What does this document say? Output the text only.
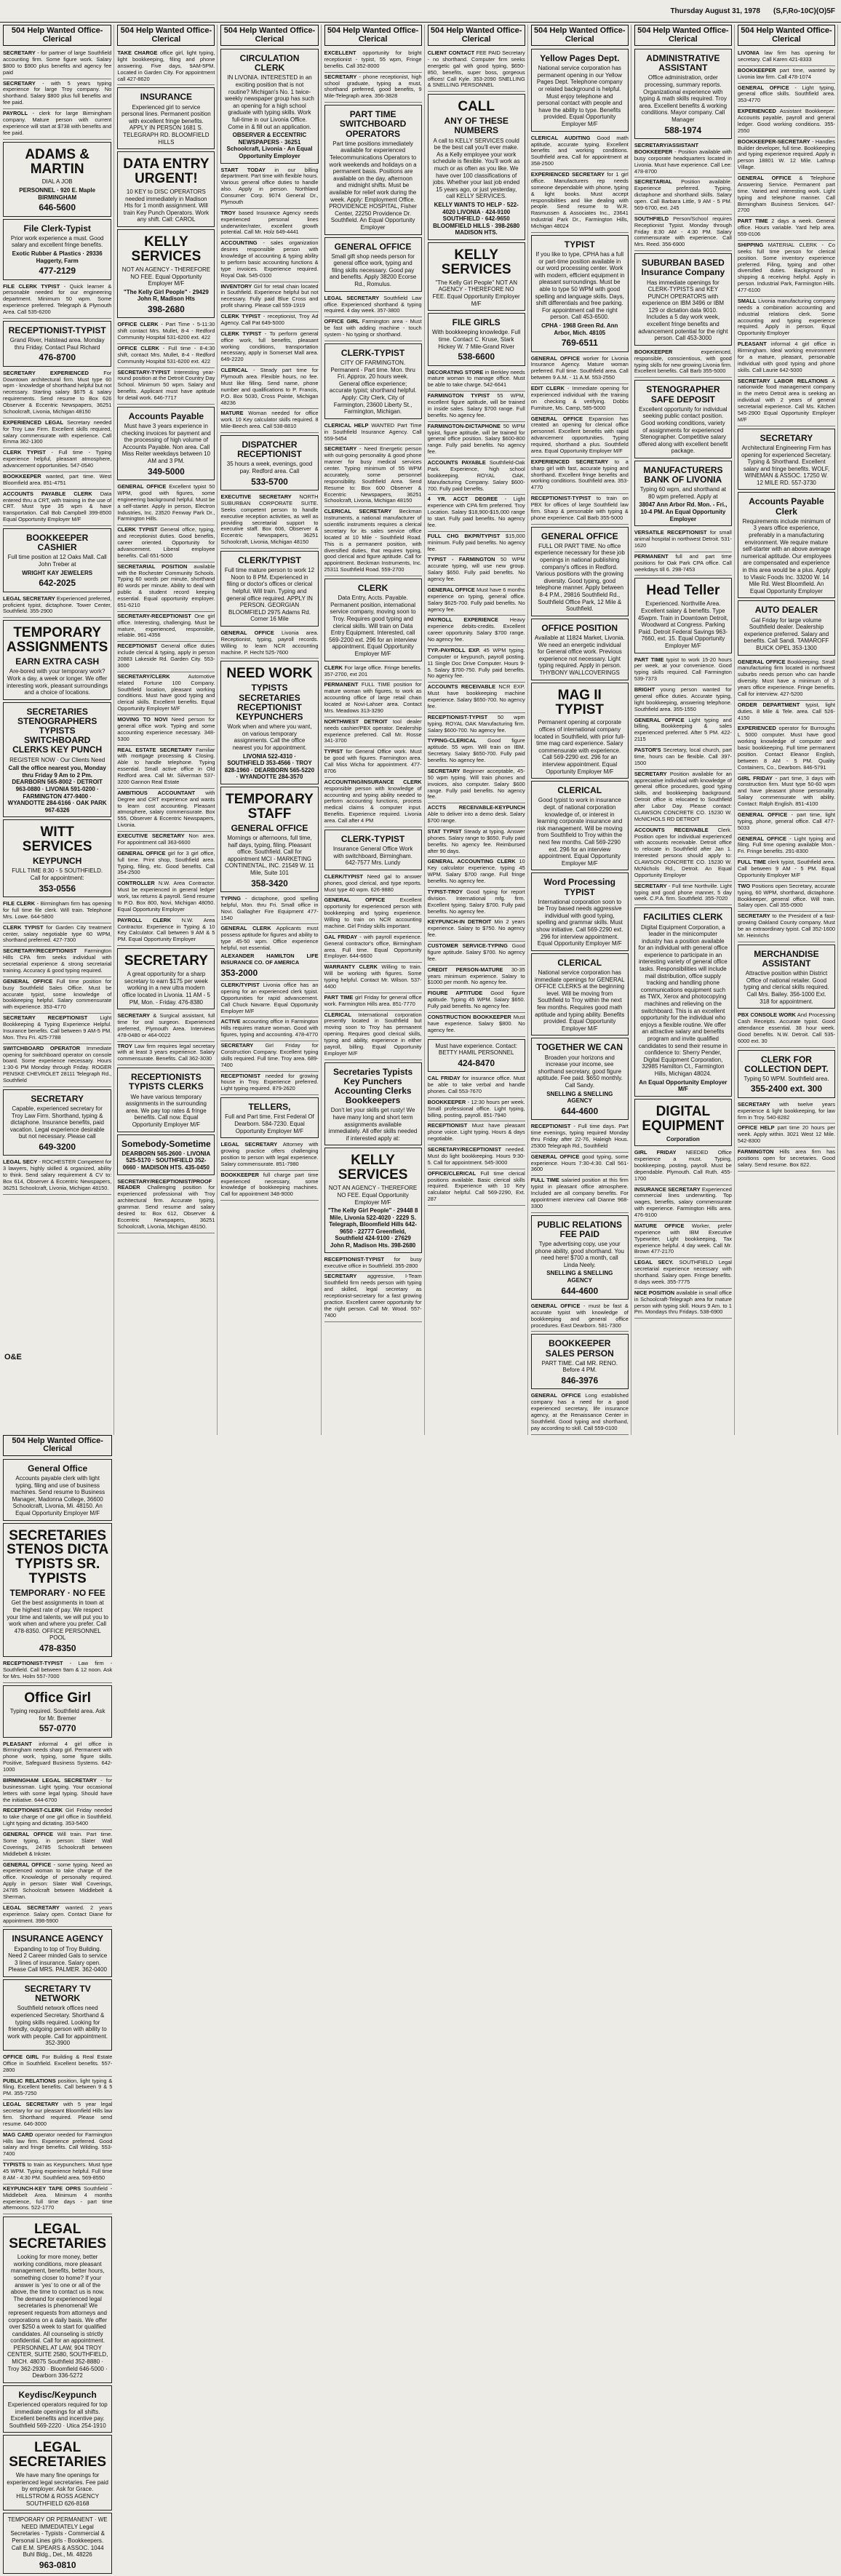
Thursday August 31, 1978 (S,F,Ro-10C)(O)5F
504 Help Wanted Office-Clerical
SECRETARY - for partner of large Southfield accounting firm. Some figure work. Salary $800 to $900 plus benefits and agency fee paid
SECRETARY - with 5 years typing experience for large Troy company. No shorthand. Salary $800 plus full benefits and fee paid.
PAYROLL - clerk for large Birmingham company. Mature person with current experience will start at $738 with benefits and fee paid.
ADAMS & MARTIN
DIAL A JOB
PERSONNEL · 920 E. Maple BIRMINGHAM
646-5600
File Clerk-Typist
Prior work experience a must. Good salary and excellent fringe benefits.
Exotic Rubber & Plastics · 29336 Haggerty, Farm
477-2129
FILE CLERK TYPIST - Quick learner & personable needed for our engineering department. Minimum 50 wpm. Some experience preferred. Telegraph & Plymouth Area. Call 535-6200
RECEPTIONIST-TYPIST
Grand River, Halstead area. Monday thru Friday. Contact Paul Richard
476-8700
SECRETARY EXPERIENCED	For Downtown architectural firm. Must type 60 wpm - knowledge of shorthand helpful but not necessary. Starting salary $675 & salary requirements. Send resume to Box 626 Observer & Eccentric Newspapers, 36251 Schoolcraft, Livonia, Michigan 48150
EXPERIENCED LEGAL Secretary needed for Troy Law Firm. Excellent skills required, salary commensurate with experience. Call Emma 362-1300
CLERK TYPIST - Full time - Typing experience helpful, pleasant atmosphere, advancement opportunities. 547-0540
BOOKKEEPER wanted, part time. West Bloomfield area. 851-4751
ACCOUNTS PAYABLE CLERK Data entered thru a CRT, with training in the use of CRT. Must type 35 wpm & have transportation. Call Bob Campbell 399-8500 Equal Opportunity Employer M/F
BOOKKEEPER CASHIER
Full time position at 12 Oaks Mall. Call John Treber at
WRIGHT KAY JEWELERS
642-2025
LEGAL SECRETARY Experienced preferred, proficient typist, dictaphone. Tower Center, Southfield. 355-2900
TEMPORARY ASSIGNMENTS
EARN EXTRA CASH
Are-bored with your temporary work? Work a day, a week or longer. We offer interesting work, pleasant surroundings and a choice of locations.
SECRETARIES STENOGRAPHERS TYPISTS SWITCHBOARD CLERKS KEY PUNCH
REGISTER NOW · Our Clients Need
Call the office nearest you, Monday thru Friday 9 Am to 2 Pm. DEARBORN 565-8002 · DETROIT 963-0880 · LIVONIA 591-0200 · FARMINGTON 477-9400 · WYANDOTTE 284-6166 · OAK PARK 967-6326
WITT SERVICES
KEYPUNCH
FULL TIME 8:30 - 5 SOUTHFIELD. Call for appointment:
353-0556
FILE CLERK - Birmingham firm has opening for full time file clerk. Will train. Telephone Mrs. Lowe. 644-5800
CLERK TYPIST for Garden City treatment center, salary negotiable type 60 WPM, shorthand preferred. 427-7300
SECRETARY/RECEPTIONIST Farmington Hills CPA firm seeks individual with secretarial experience & strong secretarial training. Accuracy & good typing required.
GENERAL OFFICE Full time position for busy Southfield Sales Office. Must be accurate typist, some knowledge of bookkeeping helpful. Salary commensurate with experience. 353-4770
SECRETARY RECEPTIONIST Light Bookkeeping & Typing Experience Helpful. Insurance benefits. Call between 9 AM-5 PM. Mon. Thru Fri. 425-7788
SWITCHBOARD OPERATOR Immediate opening for switchboard operator on console board. Some experience necessary. Hours 1:30-6 PM Monday through Friday. ROGER PENSKE CHEVROLET 28111 Telegraph Rd., Southfield
SECRETARY
Capable, experienced secretary for Troy Law Firm. Shorthand, typing & dictaphone. Insurance benefits, paid vacation. Legal experience desirable but not necessary. Please call
649-3200
LEGAL SECY - ROCHESTER Competent for 3 lawyers, highly skilled & organized, ability to think. Send salary requirement & CV to: Box 614, Observer & Eccentric Newspapers, 36251 Schoolcraft, Livonia, Michigan 48150.
504 Help Wanted Office-Clerical
TAKE CHARGE office girl, light typing, light bookkeeping, filing and phone answering. Five days, 9AM-5PM. Located in Garden City. For appointment call 427-8620
INSURANCE
Experienced girl to service personal lines. Permanent position with excellent fringe benefits. APPLY IN PERSON 1681 S. TELEGRAPH RD. BLOOMFIELD HILLS
DATA ENTRY URGENT!
10 KEY to DISC OPERATORS needed immediately in Madison Hts for 1 month assignment. Will train Key Punch Operators. Work any shift. Call: CAROL
KELLY SERVICES
NOT AN AGENCY - THEREFORE NO FEE. Equal Opportunity Employer M/F
"The Kelly Girl People" · 29429 John R, Madison Hts
398-2680
OFFICE CLERK - Part Time - 5-11:30 shift contact Mrs. Mullet, 8-4 - Redford Community Hospital 531-6200 ext. 422
OFFICE CLERK - Full time - 8-4:30 shift, contact Mrs. Mullet, 8-4 - Redford Community Hospital 531-6200 ext. 422
SECRETARY-TYPIST Interesting year-round position at the Detroit Country Day School. Minimum 50 wpm. Salary and benefits. Applicant must have aptitude for detail work. 646-7717
Accounts Payable
Must have 3 years experience in checking invoices for payment and the processing of high volume of Accounts Payable. Non area. Call Miss Reiter weekdays between 10 AM and 3 PM.
349-5000
GENERAL OFFICE Excellent typist 50 WPM, good with figures, some engineering background helpful. Must be a self-starter. Apply in person, Electron Industries, Inc. 23520 Fenway Park Dr., Farmington Hills.
CLERK TYPIST General office, typing, and receptionist duties. Good benefits, career oriented. Opportunity for advancement. Liberal employee benefits. Call 651-5000
SECRETARIAL POSITION available with the Rochester Community Schools. Typing 60 words per minute, shorthand 80 words per minute. Ability to deal with public & student record keeping essential. Equal opportunity employer. 651-6210
SECRETARY-RECEPTIONIST One girl office. Interesting, challenging. Must be mature, experienced, responsible, reliable. 961-4356
RECEPTIONIST General office duties include clerical & typing, apply in person 20883 Lakeside Rd. Garden City. 553-3000
SECRETARY/CLERK	Automotive related Fortune 100 Company. Southfield location, pleasant working conditions. Must have good typing and clerical skills. Excellent benefits. Equal Opportunity Employer M/F
MOVING TO NOVI Need person for general office work. Typing and some accounting experience necessary. 348-5300
REAL ESTATE SECRETARY Familiar with mortgage processing & Closing. Able to handle telephone. Typing essential. Small active office in Old Redford area. Call Mr. Silverman 537-3200 Gannon Real Estate
AMBITIOUS ACCOUNTANT with Degree and CRT experience and wants to learn cost accounting. Pleasant atmosphere, salary commensurate. Box 555, Observer & Eccentric Newspapers, Livonia.
EXECUTIVE SECRETARY Non area. For appointment call 363-6600
GENERAL OFFICE girl for 3 girl office, full time. Print shop, Southfield area. Typing, filing, etc. Good benefits. Call 354-2500
CONTROLLER N.W. Area Contractor. Must be experienced in general ledger work, tax returns & payroll. Send resume to P.O. Box 800, Novi, Michigan 48050. Equal Opportunity Employer
PAYROLL CLERK N.W. Area Contractor. Experience in Typing & 10 Key Calculator. Call between 9 AM & 5 PM. Equal Opportunity Employer
SECRETARY
A great opportunity for a sharp secretary to earn $175 per week working in a new ultra modern office located in Livonia. 11 AM - 5 PM, Mon. - Friday. 476-8380
SECRETARY & Surgical assistant, full time for oral surgeon. Experienced preferred, Plymouth Area. Interviews 478-0480 or 464-0022
TROY Law firm requires legal secretary with at least 3 years experience. Salary commensurate. Benefits. Call 362-3030
RECEPTIONISTS TYPISTS CLERKS
We have various temporary assignments in the surrounding area. We pay top rates & fringe benefits. Call now. Equal Opportunity Employer M/F
Somebody-Sometime
DEARBORN 565-2600 · LIVONIA 525-5170 · SOUTHFIELD 352-0660 · MADISON HTS. 435-0450
SECRETARY/RECEPTIONIST/PROOF READER Challenging position for experienced professional with Troy architectural firm. Accurate typing, grammar. Send resume and salary desired to: Box 612, Observer & Eccentric Newspapers, 36251 Schoolcraft, Livonia, Michigan 48150.
504 Help Wanted Office-Clerical
CIRCULATION CLERK
IN LIVONIA. INTERESTED in an exciting position that is not routine? Michigan's No. 1 twice-weekly newspaper group has such an opening for a high school graduate with typing skills. Work full-time in our Livonia Office. Come in & fill out an application.
OBSERVER & ECCENTRIC NEWSPAPERS · 36251 Schoolcraft, Livonia · An Equal Opportunity Employer
START TODAY in our billing department. Part time with flexible hours. Various general office duties to handle also. Apply in person. Northland Consumer Corp. 9074 General Dr., Plymouth
TROY based Insurance Agency needs experienced personal lines underwriter/rater, excellent growth potential. Call Mr. Holz 649-4441
ACCOUNTING - sales organization desires responsible person with knowledge of accounting & typing ability to perform basic accounting functions & type invoices. Experience required. Royal Oak. 545-0100
INVENTORY Girl for retail chain located in Southfield. Experience helpful but not necessary. Fully paid Blue Cross and profit sharing. Please call 559-1919
CLERK TYPIST - receptionist, Troy Ad Agency. Call Pat 649-5000
CLERK TYPIST - To perform general office work, full benefits, pleasant working conditions, transportation necessary, apply in Somerset Mall area. 649-2220
CLERICAL - Steady part time for Plymouth area. Flexible hours, no fee. Must like filling. Send name, phone number and qualifications to P. Francis, P.O. Box 5030, Cross Pointe, Michigan 48236
MATURE Woman needed for office work. 10 Key calculator skills required. 8 Mile-Beech area. Call 538-8810
DISPATCHER RECEPTIONIST
35 hours a week, evenings, good pay. Redford area. Call
533-5700
EXECUTIVE SECRETARY NORTH SUBURBAN CORPORATE SUITE. Seeks competent person to handle executive reception activities, as well as providing secretarial support to executive staff. Box 606, Observer & Eccentric Newspapers, 36251 Schoolcraft, Livonia, Michigan 48150
CLERK/TYPIST
Full time mature person to work 12 Noon to 8 PM. Experienced in filing or doctor's offices or clerical helpful. Will train. Typing and general office required. APPLY IN PERSON. GEORGIAN BLOOMFIELD 2975 Adams Rd. Corner 16 Mile
GENERAL OFFICE Livonia area. Receptionist, typing, payroll records. Willing to learn NCR accounting machine. P. Hecht 525-7600
NEED WORK
TYPISTS SECRETARIES RECEPTIONIST KEYPUNCHERS
Work when and where you want, on various temporary assignments. Call the office nearest you for appointment.
LIVONIA 522-4310 · SOUTHFIELD 353-4566 · TROY 828-1960 · DEARBORN 565-5220 · WYANDOTTE 284-3570
TEMPORARY STAFF
GENERAL OFFICE
Mornings or afternoons, full time, half days, typing, filing. Pleasant office. Southfield. Call for appointment MCI - MARKETING CONTINENTAL, INC. 21549 W. 11 Mile, Suite 101
358-3420
TYPING - dictaphone, good spelling helpful, Mon. thru Fri. Small office in Novi. Gallagher Fire Equipment 477-1540
GENERAL CLERK Applicants must possess aptitude for figures and ability to type 45-50 wpm. Office experience helpful, not essential.
ALEXANDER HAMILTON LIFE INSURANCE CO. OF AMERICA
353-2000
CLERK/TYPIST Livonia office has an opening for an experienced clerk typist. Opportunities for rapid advancement. Call Chuck Navarre. Equal Opportunity Employer M/F
ACTIVE accounting office in Farmington Hills requires mature woman. Good with figures, typing and accounting. 478-4770
SECRETARY Girl Friday for Construction Company. Excellent typing skills required. Full time. Troy area. 689-7400
RECEPTIONIST needed for growing house in Troy. Experience preferred. Light typing required. 879-2620
TELLERS,
Full and Part time, First Federal Of Dearborn. 584-7230. Equal Opportunity Employer M/F
LEGAL SECRETARY Attorney with growing practice offers challenging position to person with legal experience. Salary commensurate. 851-7980
BOOKKEEPER full charge part time experienced necessary, some knowledge of bookkeeping machines. Call for appointment 348-9000
504 Help Wanted Office-Clerical
EXCELLENT opportunity for bright receptionist - typist, 55 wpm, Fringe benefits. Call 352-8000
SECRETARY - phone receptionist, high school graduate, typing a must, shorthand preferred, good benefits, 9 Mile-Telegraph area. 356-3828
PART TIME SWITCHBOARD OPERATORS
Part time positions immediately available for experienced Telecommunications Operators to work weekends and holidays on a permanent basis. Positions are available on the day, afternoon and midnight shifts. Must be available for relief work during the week. Apply: Employment Office. PROVIDENCE HOSPITAL, Fisher Center, 22250 Providence Dr. Southfield. An Equal Opportunity Employer
GENERAL OFFICE
Small gift shop needs person for general office work, typing and filing skills necessary. Good pay and benefits. Apply 38200 Ecorse Rd., Romulus.
LEGAL SECRETARY Southfield Law office. Experienced shorthand & typing required. 4 day week. 357-3800
OFFICE GIRL Farmington area - Must be fast with adding machine - touch system - No typing or shorthand.
CLERK-TYPIST
CITY OF FARMINGTON. Permanent - Part time. Mon. thru Fri. Approx. 20 hours week. General office experience; accurate typist; shorthand helpful. Apply: City Clerk, City of Farmington, 23600 Liberty St., Farmington, Michigan.
CLERICAL HELP WANTED Part Time in Southfield Insurance Agency. Call 559-5454
SECRETARY - Need Energetic person with out-going personality & good phone manner for busy medical services center. Typing minimum of 55 WPM accurately, some personnel responsibility. Southfield Area. Send Resume to: Box 600 Observer & Eccentric Newspapers, 36251 Schoolcraft, Livonia, Michigan 48150
CLERICAL SECRETARY Beckman Instruments, a national manufacturer of scientific instruments requires a clerical secretary for its sales service office located at 10 Mile - Southfield Road. This is a permanent position, with diversified duties, that requires typing, good clerical and figure aptitude. Call for appointment. Beckman Instruments, Inc. 25311 Southfield Road. 559-2700
CLERK
Data Entry, Accts. Payable. Permanent position, international service company, moving soon to Troy. Requires good typing and clerical skills. Will train on Data Entry Equipment. Interested, call 569-2200 ext. 296 for an interview appointment. Equal Opportunity Employer M/F
CLERK For large office. Fringe benefits. 357-2700, ext 201
PERMANENT FULL TIME position for mature woman with figures, to work as accounting office of large retail chain located at Novi-Lahser area. Contact Mrs. Meadows 313-3290
NORTHWEST DETROIT tool dealer needs cashier/PBX operator. Dealership experience preferred. Call Mr. Rosse 341-3700
TYPIST for General Office work. Must be good with figures. Farmington area. Call Miss Wicha for appointment. 477-8706
ACCOUNTING/INSURANCE CLERK responsible person with knowledge of accounting and typing ability needed to perform accounting functions, process medical claims & computer input. Benefits. Experience required. Livonia area. Call after 4 PM
CLERK-TYPIST
Insurance General Office Work with switchboard, Birmingham. 642-7577 Mrs. Lundy
CLERK/TYPIST Need gal to answer phones, good clerical, and type reports. Must type 40 wpm. 626-9880
GENERAL OFFICE	Excellent opportunity for experienced person with bookkeeping and typing experience. Willing to train on NCR accounting machine. Girl Friday skills important.
GAL FRIDAY - with payroll experience. General contractor's office, Birmingham area. Full time. Equal Opportunity Employer. 644-6600
WARRANTY CLERK Willing to train. Will be working with figures. Some typing helpful. Contact Mr. Wilson. 537-4400
PART TIME girl Friday for general office work. Farmington Hills area. 851-7770
CLERICAL International corporation presently located in Southfield but moving soon to Troy has permanent opening. Requires good clerical skills, typing and ability, experience in either payroll, billing. Equal Opportunity Employer M/F
Secretaries Typists Key Punchers Accounting Clerks Bookkeepers
Don't let your skills get rusty! We have many long and short term assignments available immediately. All offer skills needed if interested apply at:
KELLY SERVICES
NOT AN AGENCY - THEREFORE NO FEE. Equal Opportunity Employer M/F
"The Kelly Girl People" · 29448 8 Mile, Livonia 522-4020 · 2229 S. Telegraph, Bloomfield Hills 642-9650 · 22777 Greenfield, Southfield 424-9100 · 27629 John R, Madison Hts. 398-2680
RECEPTIONIST-TYPIST for busy executive office in Southfield. 355-2800
SECRETARY aggressive, I-Team Southfield firm needs person with typing and skilled, legal secretary as receptionist-secretary for a fast growing practice. Excellent career opportunity for the right person. Call Mr. Wood. 557-7400
504 Help Wanted Office-Clerical
CLIENT CONTACT FEE PAID Secretary - no shorthand. Computer firm seeks energetic gal with good typing, $650-850, benefits, super boss, gorgeous offices! Call Kyle. 353-2090 SNELLING & SNELLING PERSONNEL
CALL
ANY OF THESE NUMBERS
A call to KELLY SERVICES could be the best call you'll ever make. As a Kelly employee your work schedule is flexible. You'll work as much or as often as you like. We have over 100 classifications of jobs. Whether your last job ended 15 years ago, or just yesterday, call KELLY SERVICES.
KELLY WANTS TO HELP · 522-4020 LIVONIA · 424-9100 SOUTHFIELD · 642-9650 BLOOMFIELD HILLS · 398-2680 MADISON HTS.
KELLY SERVICES
"The Kelly Girl People" NOT AN AGENCY - THEREFORE NO FEE. Equal Opportunity Employer M/F
FILE GIRLS
With bookkeeping knowledge. Full time. Contact C. Kruse, Stark Hickey W. 7 Mile-Grand River
538-6600
DECORATING STORE in Berkley needs mature woman to manage office. Must be able to take charge. 542-6641
FARMINGTON TYPIST 55 WPM, excellent figure aptitude, will be trained in inside sales. Salary $700 range. Full benefits. No agency fee.
FARMINGTON-DICTAPHONE 50 WPM typist, figure aptitude, will be trained for general office position. Salary $600-800 range. Fully paid benefits. No agency fee.
ACCOUNTS PAYABLE Southfield-Oak Park. Experience, high school bookkeeping. ROYAL OAK. Manufacturing Company. Salary $600-700. Fully paid benefits.
4 YR. ACCT DEGREE - Light experience with CPA firm preferred. Troy Location. Salary $18,900-$15,000 range to start. Fully paid benefits. No agency fee.
FULL CHG BKPR/TYPIST $15,000 minimum. Fully paid benefits. No agency fee.
TYPIST - FARMINGTON 50 WPM accurate typing, will use new group. Salary $650. Fully paid benefits. No agency fee.
GENERAL OFFICE Must have 6 months experience on typing, general office. Salary $625-700. Fully paid benefits. No agency fee.
PAYROLL EXPERIENCE Heavy experience debits-credits. Excellent career opportunity. Salary $700 range. No agency fee.
TYP.-PAYROLL EXP. 45 WPM typing. Computer or keypunch, payroll posting. 11 Single Doc Drive Computer. Hours 9-5. Salary $700-750. Fully paid benefits. No agency fee.
ACCOUNTS RECEIVABLE NCR EXP. Must have bookkeeping machine experience. Salary $650-700. No agency fee.
RECEPTIONIST-TYPIST 50 wpm typing. ROYAL OAK Manufacturing firm. Salary $600-700. No agency fee.
TYPING-CLERICAL Good figure aptitude. 55 wpm. Will train on IBM. Secretary. Salary $650-700. Fully paid benefits. No agency fee.
SECRETARY Beginner acceptable, 45-50 wpm typing. Will train phones and invoices, also computer. Salary $600 range. Fully paid benefits. No agency fee.
ACCTS RECEIVABLE-KEYPUNCH Able to deliver into a demo desk. Salary $700 range.
STAT TYPIST Steady at typing. Answer phones. Salary range to $650. Fully paid benefits. No agency fee. Reimbursed after 90 days.
GENERAL ACCOUNTING CLERK 10 Key calculator experience, typing 45 WPM. Salary $700 range. Full fringe benefits. No agency fee.
TYPIST-TROY Good typing for report division. International mfg. firm. Excellent typing. Salary $700. Fully paid benefits. No agency fee.
KEYPUNCH-IN DETROIT Min 2 years experience. Salary to $750. No agency fee.
CUSTOMER SERVICE-TYPING Good figure aptitude. Salary $700. No agency fee.
CREDIT PERSON-MATURE 30-35 years minimum experience. Salary to $1000 per month. No agency fee.
FIGURE APTITUDE Good figure aptitude. Typing 45 WPM. Salary $650. Fully paid benefits. No agency fee.
CONSTRUCTION BOOKKEEPER Must have experience. Salary $800. No agency fee.
Must have experience. Contact: BETTY HAMIL PERSONNEL
424-8470
CAL FRIDAY for insurance office. Must be able to take verbal and handle phones. Call 553-7670
BOOKKEEPER - 12:30 hours per week. Small professional office. Light typing, billing, posting, payroll. 851-7940
RECEPTIONIST Must have pleasant phone voice. Light typing. Hours & days negotiable.
SECRETARY/RECEPTIONIST needed. Must do light bookkeeping. Hours 9:30-5. Call for appointment. 545-3000
OFFICE/CLERICAL Full time clerical positions available. Basic clerical skills required. Experience with 10 Key calculator helpful. Call 569-2290, Ext. 287
504 Help Wanted Office-Clerical
Yellow Pages Dept.
National service corporation has permanent opening in our Yellow Pages Dept. Telephone company or related background is helpful. Must enjoy telephone and personal contact with people and have the ability to type. Benefits provided. Equal Opportunity Employer M/F
CLERICAL AUDITING Good math aptitude, accurate typing. Excellent benefits and working conditions. Southfield area. Call for appointment at 358-2500
EXPERIENCED SECRETARY for 1 girl office. Manufacturers rep needs someone dependable with phone, typing & light books. Must accept responsibilities and like dealing with people. Send resume to W.R. Rasmussen & Associates Inc., 23641 Industrial Park Dr., Farmington Hills, Michigan 48024
TYPIST
If you like to type, CPHA has a full or part-time position available in our word processing center. Work with modern, efficient equipment in pleasant surroundings. Must be able to type 50 WPM with good spelling and language skills. Days, shift differentials and free parking. For appointment call the right person. Call 453-6500.
CPHA · 1968 Green Rd. Ann Arbor, Mich. 48105
769-6511
GENERAL OFFICE worker for Livonia Insurance Agency. Mature woman preferred. Full time. Southfield area. Call between 9 A.M. - 11 A.M. 553-2550
EDIT CLERK - Immediate opening for experienced individual with the training on checking & verifying. Dobbs Furniture, Ms. Camp, 585-5000
GENERAL OFFICE Expansion has created an opening for clerical office personnel. Excellent benefits with rapid advancement opportunities. Typing required, shorthand a plus. Southfield area. Equal Opportunity Employer M/F
EXPERIENCED SECRETARY to a sharp girl with fast, accurate typing and shorthand. Excellent fringe benefits and working conditions. Southfield area. 353-4770
RECEPTIONIST-TYPIST to train on PBX for offices of large Southfield law firm. Sharp & personable with typing & phone experience. Call Barb 355-5000
GENERAL OFFICE
FULL OR PART TIME. No office experience necessary for these job openings in national publishing company's offices in Redford. Various positions with the growing diversity. Good typing, good telephone manner. Apply between 8-4 P.M., 29816 Southfield Rd., Southfield Office Park, 12 Mile & Southfield.
OFFICE POSITION
Available at 11824 Market, Livonia. We need an energetic individual for General office work. Previous experience not necessary. Light typing required. Apply in person. THYBONY WALLCOVERINGS
MAG II TYPIST
Permanent opening at corporate offices of international company located in Southfield, with prior full-time mag card experience. Salary commensurate with experience. Call 569-2290 ext. 296 for an interview appointment. Equal Opportunity Employer M/F
CLERICAL
Good typist to work in insurance dept. of national corporation knowledge of, or interest in learning corporate insurance and risk management. Will be moving from Southfield to Troy within the next few months. Call 569-2290 ext. 296 for an interview appointment. Equal Opportunity Employer M/F
Word Processing TYPIST
International corporation soon to be Troy based needs aggressive individual with good typing, spelling and grammar skills. Must show initiative. Call 569-2290 ext. 296 for interview appointment. Equal Opportunity Employer M/F
CLERICAL
National service corporation has immediate openings for GENERAL OFFICE CLERKS at the beginning level. Will be moving from Southfield to Troy within the next few months. Requires good math aptitude and typing ability. Benefits provided. Equal Opportunity Employer M/F
TOGETHER WE CAN
Broaden your horizons and increase your income, see shorthand secretary, good figure aptitude. Fee paid. $650 monthly. Call Sandy.
SNELLING & SNELLING AGENCY
644-4600
RECEPTIONIST - Full time days. Part time evenings, typing required Monday thru Friday after 22-76, Haleigh Hous. 25300 Telegraph Rd., Southfield
GENERAL OFFICE good typing, some experience. Hours 7:30-4:30. Call 561-3600
FULL TIME salaried position at this firm typist in pleasant office atmosphere. Included are all company benefits. For appointment interview call Dianne 968-3300
PUBLIC RELATIONS FEE PAID
Type advertising copy, use your phone ability, good shorthand. You need here! $700 a month, call Linda Neely.
SNELLING & SNELLING AGENCY
644-4600
GENERAL OFFICE - must be fast & accurate typist with knowledge of bookkeeping and general office procedures. East Dearborn. 581-7300
BOOKKEEPER SALES PERSON
PART TIME. Call MR. RENO. Before 4 PM.
846-3976
GENERAL OFFICE Long established company has a need for a good experienced secretary, life insurance agency, at the Renaissance Center in Southfield. Good typing and shorthand, pay according to skill. Call 559-0100
504 Help Wanted Office-Clerical
ADMINISTRATIVE ASSISTANT
Office administration, order processing, summary reports. Organizational experience with typing & math skills required. Troy area. Excellent benefits & working conditions. Mayor company. Call Manager
588-1974
SECRETARY/ASSISTANT BOOKKEEPER - Position available with busy corporate headquarters located in Livonia. Must have experience. Call Lee: 478-8700
SECRETARIAL Position available. Experience preferred. Typing, dictaphone and shorthand skills. Salary open. Call Barbara Little, 9 AM - 5 PM. 569-6700, ext. 245
SOUTHFIELD Person/School requires Receptionist Typist. Monday through Friday 8:30 AM - 4:30 PM. Salary commensurate with experience. Call Mrs. Reed. 356-6900
SUBURBAN BASED Insurance Company
Has immediate openings for CLERK-TYPISTS and KEY PUNCH OPERATORS with experience on IBM 3496 or IBM 129 or dictation data 9010. Includes a 5 day work week, excellent fringe benefits and advancement potential for the right person. Call 453-3000
BOOKKEEPER	experienced, responsible, conscientious, with good typing skills for new growing Livonia firm. Excellent benefits. Call Barb 355-5000
STENOGRAPHER SAFE DEPOSIT
Excellent opportunity for individual seeking public contact position. Good working conditions, variety of assignments for experienced Stenographer. Competitive salary offered along with excellent benefit package.
MANUFACTURERS BANK OF LIVONIA
Typing 60 wpm, and shorthand at 80 wpm preferred. Apply at
38047 Ann Arbor Rd. Mon. - Fri., 10-4 PM. An Equal Opportunity Employer
VERSATILE RECEPTIONIST for small animal hospital in northwest Detroit. 531-1620
PERMANENT full and part time positions for Oak Park CPA office. Call weekdays till 6. 298-7453
Head Teller
Experienced. Northville Area. Excellent salary & benefits. Type 45wpm. Train in Downtown Detroit, Woodward at Congress. Parking Paid. Detroit Federal Savings 963-7660, ext. 15. Equal Opportunity Employer M/F
PART TIME typist to work 15-20 hours per week, at your convenience. Good typing skills required. Call Farmington 539-7373
BRIGHT young person wanted for general office duties. Accurate typing, light bookkeeping, answering telephone. Southfield area. 355-1550
GENERAL OFFICE Light typing and billing, Bookkeeping & sales experienced preferred. After 5 PM. 422-2115
PASTOR'S Secretary, local church, part time, hours can be flexible. Call 397-1500
SECRETARY Position available for an appreciative individual with knowledge of general office procedures, good typing skills, and bookkeeping background. Detroit office is relocated to Southfield after Labor Day. Please contact: CLAWSON CONCRETE CO. 15230 W. McNICHOLS RD DETROIT
ACCOUNTS RECEIVABLE Clerk. Position open for individual experienced with accounts receivable. Detroit office to relocate in Southfield after Jan 1. Interested persons should apply to: CLAWSON CONCRETE CO. 15230 W. McNichols Rd., Detroit. An Equal Opportunity Employer
SECRETARY - Full time Northville. Light typing and good phone manner, 5 day week. C.P.A. firm. Southfield. 355-7020
FACILITIES CLERK
Digital Equipment Corporation, a leader in the minicomputer industry has a position available for an individual with general office experience to participate in an interesting variety of general office tasks. Responsibilities will include mail distribution, office supply tracking and handling phone communications equipment such as TWX, Xerox and photocopying machines and relieving on the switchboard. This is an excellent opportunity for the individual who enjoys a flexible routine. We offer an attractive salary and benefits program and invite qualified candidates to send their resume in confidence to: Sherry Pender, Digital Equipment Corporation, 32985 Hamilton Ct., Farmington Hills, Michigan 48024.
An Equal Opportunity Employer M/F
DIGITAL EQUIPMENT
Corporation
GIRL FRIDAY NEEDED Office experience a must. Typing, bookkeeping, posting, payroll. Must be dependable. Plymouth. Call Ruth. 455-1700
INSURANCE SECRETARY Experienced commercial lines underwriting. Top wages, benefits, salary commensurate with experience. Farmington Hills area. 476-9100
MATURE OFFICE Worker, prefer experience with IBM Executive Typewriter, Light bookkeeping, Tax experience helpful. 4 day week. Call Mr. Brown 477-2170
LEGAL SECY. SOUTHFIELD Legal secretarial experience necessary with shorthand. Salary open. Fringe benefits. 8 days week. 355-7775
NICE POSITION available in small office in Schoolcraft-Telegraph area for mature person with typing skill. Hours 9 Am. to 1 Pm. Mondays thru Fridays. 538-6900
504 Help Wanted Office-Clerical
LIVONIA law firm has opening for secretary. Call Karen 421-8333
BOOKKEEPER part time, wanted by Livonia law firm. Call 478-1074
GENERAL OFFICE - Light typing, general office skills. Southfield area. 353-4770
EXPERIENCED Assistant Bookkeeper. Accounts payable, payroll and general ledger. Good working conditions. 355-2550
BOOKKEEPER-SECRETARY - Handles Builder developer, full time. Bookkeeping and typing experience required. Apply in person 18801 W. 12 Mile. Lathrup Village.
GENERAL OFFICE & Telephone Answering Service. Permanent part time. Varied and interesting work. Light typing and telephone manner. Call Birmingham Business Services. 647-2700
PART TIME 2 days a week. General office. Hours variable. Yard help area. 559-0106
SHIPPING MATERIAL CLERK - Co seeks full time person for clerical position. Some inventory experience preferred. Filing, typing and other diversified duties. Background in shipping & receiving helpful. Apply in person. Industrial Park, Farmington Hills. 477-6100
SMALL Livonia manufacturing company needs a combination accounting and industrial relations clerk. Some accounting and typing experience required. Apply in person. Equal Opportunity Employer
PLEASANT informal 4 girl office in Birmingham. Ideal working environment for a mature, pleasant, personable individual with good typing and phone skills. Call Laurie 642-5000
SECRETARY LABOR RELATIONS A nationwide food management company in the metro Detroit area is seeking an individual with 2 years of general secretarial experience. Call Ms. Kitchen 545-2900 Equal Opportunity Employer M/F
SECRETARY
Architectural Engineering Firm has opening for experienced Secretary. Typing & Shorthand. Excellent salary and fringe benefits. WOLF, WINEMAN & ASSOC. 17250 W. 12 MILE RD. 557-3730
Accounts Payable Clerk
Requirements include minimum of 3 years office experience, preferably in a manufacturing environment. We require mature self-starter with an above average numerical aptitude. Our employees are compensated and experience in this area would be a plus. Apply to Vlasic Foods Inc. 33200 W. 14 Mile Rd. West Bloomfield. An Equal Opportunity Employer
AUTO DEALER
Gal Friday for large volume Southfield dealer. Dealership experience preferred. Salary and benefits. Call Sandi. TAMAROFF BUICK OPEL 353-1300
GENERAL OFFICE Bookkeeping. Small manufacturing firm located in northwest suburbs needs person who can handle diversity. Must have a minimum of 3 years office experience. Fringe benefits. Call for interview. 427-5200
ORDER DEPARTMENT typist, light duties. 8 Mile & Tele. area. Call 526-4150
EXPERIENCED operator for Burroughs L 5000 computer. Must have good working knowledge of computer and basic bookkeeping. Full time permanent position. Contact Eleanor English, between 8 AM - 5 PM. Quality Containers, Co., Dearborn. 846-5791
GIRL FRIDAY - part time, 3 days with construction firm. Must type 50-60 wpm and have pleasant phone personality. Salary commensurate with ability. Contact: Ralph English. 851-4100
GENERAL OFFICE - part time, light typing, phone, general office. Call 477-5033
GENERAL OFFICE - Light typing and filing. Full time opening available Mon.-Fri. Fringe benefits. 291-8300
FULL TIME clerk typist, Southfield area. Call between 9 AM - 5 PM. Equal Opportunity Employer M/F
TWO Positions open Secretary, accurate typing, 60 WPM, shorthand, dictaphone. Bookkeeper, general office. Will train. Salary open. Call 355-0900
SECRETARY to the President of a fast-growing Oakland County company. Must be an extraordinary typist. Call 352-1600 Mr. Heinrichs
MERCHANDISE ASSISTANT
Attractive position within District Office of national retailer. Good typing and clerical skills required. Call Mrs. Bailey. 356-1000 Ext. 318 for appointment.
PBX CONSOLE WORK And Processing Cash Receipts. Accurate typist. Good attendance essential. 38 hour week. Good benefits. N.W. Detroit. Call 535-6000 ext. 30
CLERK FOR COLLECTION DEPT.
Typing 50 WPM. Southfield area.
355-2400 ext. 300
SECRETARY with twelve years experience & light bookkeeping, for law firm in Troy. 540-8282
OFFICE HELP part time 20 hours per week. Apply within. 3021 West 12 Mile. 542-8300
FARMINGTON Hills area firm has positions open for secretaries. Good salary. Send resume. Box 822.
504 Help Wanted Office-Clerical
General Office
Accounts payable clerk with light typing, filing and use of business machines. Send resume to Business Manager, Madonna College, 36600 Schoolcraft, Livonia, Mi. 48150. An Equal Opportunity Employer M/F
SECRETARIES STENOS DICTA TYPISTS SR. TYPISTS
TEMPORARY · NO FEE
Get the best assignments in town at the highest rate of pay. We respect your time and talents, we will put you to work when and where you prefer. Call 478-8350. OFFICE PERSONNEL POOL
478-8350
RECEPTIONIST-TYPIST - Law firm - Southfield. Call between 9am & 12 noon. Ask for Mrs. Holm 557-7000
Office Girl
Typing required. Southfield area. Ask for Mr. Bremer
557-0770
PLEASANT informal 4 girl office in Birmingham needs sharp girl. Permanent with phone work, typing, some figure skills. Positive, Safeguard Business Systems. 642-1000
BIRMINGHAM LEGAL SECRETARY - for businessman. Light typing. Your occasional letters with some legal typing. Should have the initiative. 644-6700
RECEPTIONIST-CLERK Girl Friday needed to take charge of one girl office in Southfield. Light typing and dictating. 353-5400
GENERAL OFFICE Will train. Part time. Some typing, in person: Slater Wall Coverings, 24785 Schoolcraft between Middlebelt & Inkster.
GENERAL OFFICE - some typing. Need an experienced woman to take charge of the office. Knowledge of personalty required. Apply in person: Slater Wall Coverings, 24785 Schoolcraft between Middlebelt & Sherman.
LEGAL SECRETARY wanted. 2 years experience. Salary open. Contact Diane for appointment. 398-5900
INSURANCE AGENCY
Expanding to top of Troy Building. Need 2 Career minded Gals to service 3 lines of insurance. Salary open. Please Call MRS. PALMER. 362-0400
SECRETARY TV NETWORK
Southfield network offices need experienced Secretary. Shorthand & typing skills required. Looking for friendly, outgoing person with ability to work with people. Call for appointment. 352-3900
OFFICE GIRL For Building & Real Estate Office in Southfield. Excellent benefits. 557-2800
PUBLIC RELATIONS position, light typing & filing. Excellent benefits. Call between 9 & 5 PM. 355-7250
LEGAL SECRETARY with 5 year legal secretary for our pleasant Bloomfield Hills law firm. Shorthand required. Please send resume. 646-3000
MAG CARD operator needed for Farmington Hills law firm. Experience preferred. Good salary and fringe benefits. Call Wilding. 553-7400
TYPISTS to train as Keypunchers. Must type 45 WPM. Typing experience helpful. Full time 8 AM - 4:30 PM. Southfield area. 569-8550
KEYPUNCH-KEY TAPE OPRS Southfield - Middlebelt Area. Minimum 4 months experience, full time days - part time afternoons. 522-1770
LEGAL SECRETARIES
Looking for more money, better working conditions, more pleasant management, benefits, better hours, something closer to home? If your answer is 'yes' to one or all of the above, the time to contact us is now. The demand for experienced legal secretaries is phenomenal! We represent requests from attorneys and corporations on a daily basis. We offer over $250 a week to start for qualified candidates. All counseling is strictly confidential. Call for an appointment. PERSONNEL AT LAW, 904 TROY CENTER, SUITE 2580, SOUTHFIELD, MICH. 48075 Southfield 352-8880 · Troy 362-2930 · Bloomfield 646-5000 · Dearborn 336-5272
Keydisc/Keypunch
Experienced operators required for top immediate openings for all shifts. Excellent benefits and incentive pay. Southfield 569-2220 · Utica 254-1910
LEGAL SECRETARIES
We have many fine openings for experienced legal secretaries. Fee paid by employer. Ask for Grace. HILLSTROM & ROSS AGENCY SOUTHFIELD 626-8168
TEMPORARY OR PERMANENT · WE NEED IMMEDIATELY Legal Secretaries - Typists - Commercial & Personal Lines girls - Bookkeepers. Call E.M. SPEARS & ASSOC. 1044 Buhl Bldg., Det., Mi. 48226
963-0810
O&E
